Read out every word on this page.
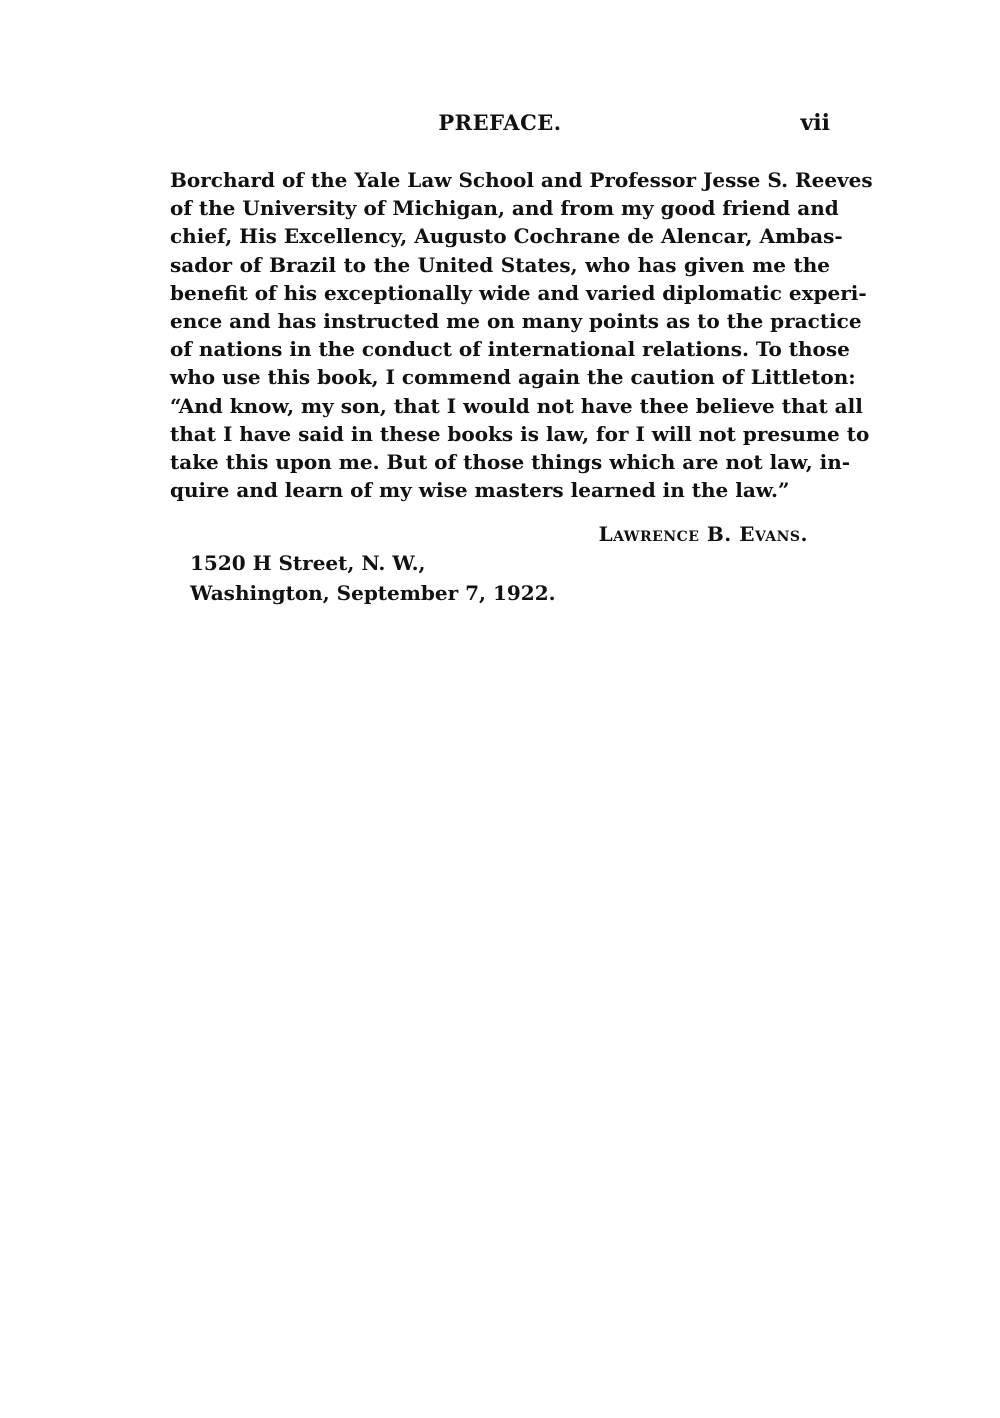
PREFACE.	vii
Borchard of the Yale Law School and Professor Jesse S. Reeves
of the University of Michigan, and from my good friend and
chief, His Excellency, Augusto Cochrane de Alencar, Ambas-
sador of Brazil to the United States, who has given me the
benefit of his exceptionally wide and varied diplomatic experi-
ence and has instructed me on many points as to the practice
of nations in the conduct of international relations. To those
who use this book, I commend again the caution of Littleton:
“And know, my son, that I would not have thee believe that all
that I have said in these books is law, for I will not presume to
take this upon me. But of those things which are not law, in-
quire and learn of my wise masters learned in the law.”
Lawrence B. Evans.
1520 H Street, N. W.,
Washington, September 7, 1922.
